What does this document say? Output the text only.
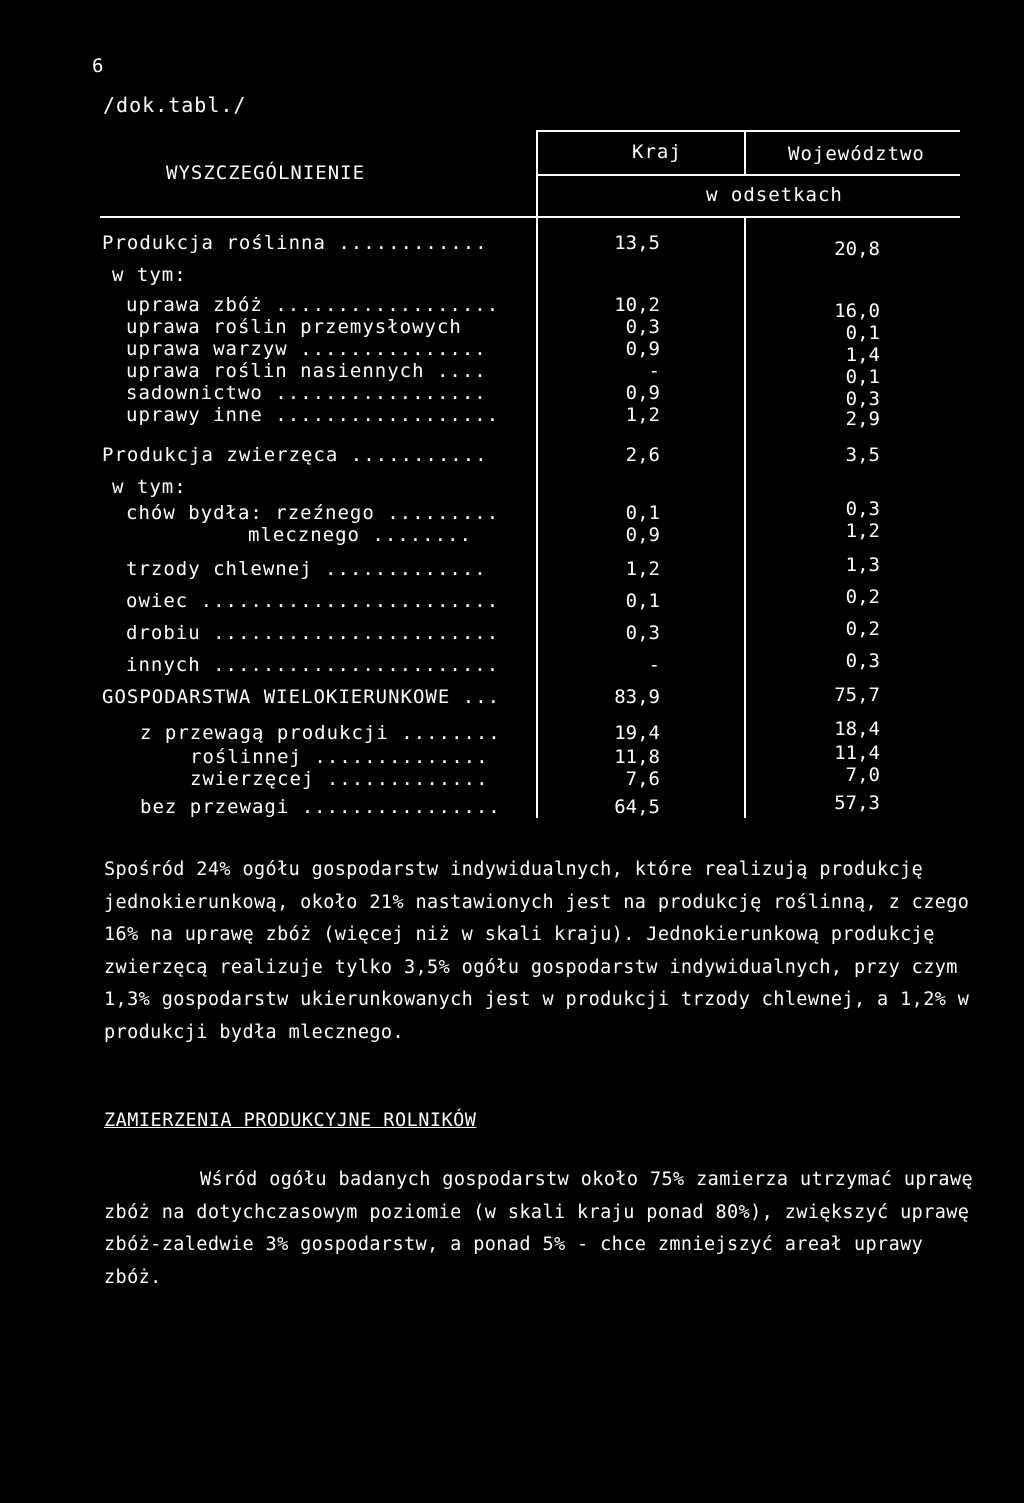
6
/dok.tabl./
WYSZCZEGÓLNIENIE
Kraj	Województwo
w odsetkach
Produkcja roślinna ............	13,5	20,8
w tym:
uprawa zbóż ..................	10,2	16,0
uprawa roślin przemysłowych	0,3	0,1
uprawa warzyw ...............	0,9	1,4
uprawa roślin nasiennych ....	-	0,1
sadownictwo .................	0,9	0,3
uprawy inne ..................	1,2	2,9
Produkcja zwierzęca ...........	2,6	3,5
w tym:
chów bydła: rzeźnego .........	0,1	0,3
mlecznego ........	0,9	1,2
trzody chlewnej .............	1,2	1,3
owiec ........................	0,1	0,2
drobiu .......................	0,3	0,2
innych .......................	-	0,3
GOSPODARSTWA WIELOKIERUNKOWE ...	83,9	75,7
z przewagą produkcji ........	19,4	18,4
roślinnej ..............	11,8	11,4
zwierzęcej .............	7,6	7,0
bez przewagi ................	64,5	57,3

Spośród 24% ogółu gospodarstw indywidualnych, które realizują produkcję jednokierunkową, około 21% nastawionych jest na produkcję roślinną, z czego 16% na uprawę zbóż (więcej niż w skali kraju). Jednokierunkową produkcję zwierzęcą realizuje tylko 3,5% ogółu gospodarstw indywidualnych, przy czym 1,3% gospodarstw ukierunkowanych jest w produkcji trzody chlewnej, a 1,2% w produkcji bydła mlecznego.

ZAMIERZENIA PRODUKCYJNE ROLNIKÓW

Wśród ogółu badanych gospodarstw około 75% zamierza utrzymać uprawę zbóż na dotychczasowym poziomie (w skali kraju ponad 80%), zwiększyć uprawę zbóż-zaledwie 3% gospodarstw, a ponad 5% - chce zmniejszyć areał uprawy zbóż.
